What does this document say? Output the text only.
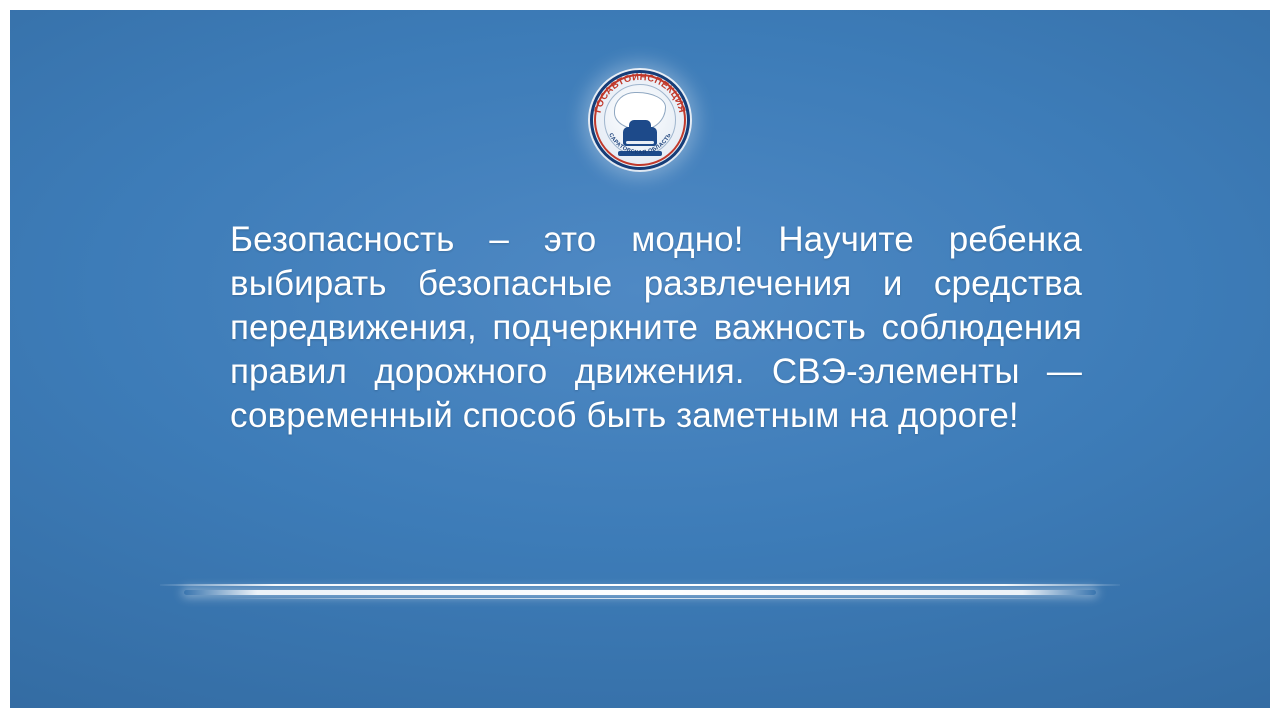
ГОСАВТОИНСПЕКЦИЯ
САРАТОВСКАЯ ОБЛАСТЬ
Безопасность – это модно! Научите ребенка выбирать безопасные развлечения и средства передвижения, подчеркните важность соблюдения правил дорожного движения. СВЭ-элементы — современный способ быть заметным на дороге!
